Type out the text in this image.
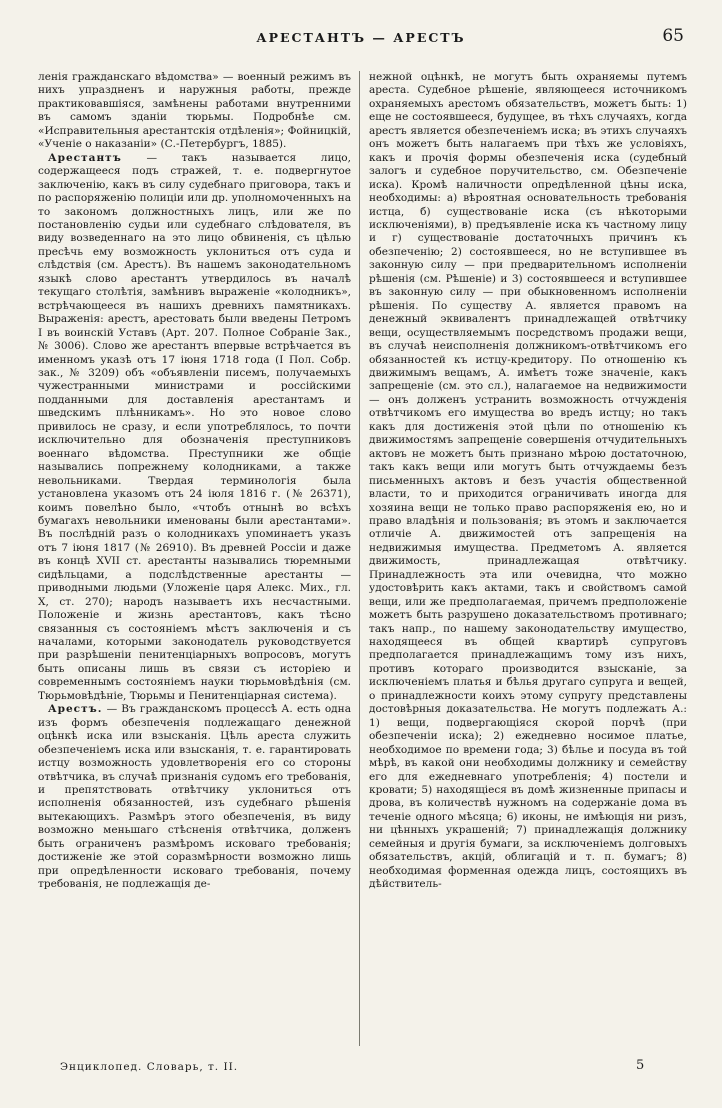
АРЕСТАНТЪ — АРЕСТЪ	65

ленія гражданскаго вѣдомства» — военный режимъ въ нихъ упраздненъ и наружныя работы, прежде практиковавшіяся, замѣнены работами внутренними въ самомъ зданіи тюрьмы. Подробнѣе см. «Исправительныя арестантскія отдѣленія»; Фойницкій, «Ученіе о наказаніи» (С.-Петербургъ, 1885).

Арестантъ — такъ называется лицо, содержащееся подъ стражей, т. е. подвергнутое заключенію, какъ въ силу судебнаго приговора, такъ и по распоряженію полиціи или др. уполномоченныхъ на то закономъ должностныхъ лицъ, или же по постановленію судьи или судебнаго слѣдователя, въ виду возведеннаго на это лицо обвиненія, съ цѣлью пресѣчь ему возможность уклониться отъ суда и слѣдствія (см. Арестъ). Въ нашемъ законодательномъ языкѣ слово арестантъ утвердилось въ началѣ текущаго столѣтія, замѣнивъ выраженіе «колодникъ», встрѣчающееся въ нашихъ древнихъ памятникахъ. Выраженія: арестъ, арестовать были введены Петромъ I въ воинскій Уставъ (Арт. 207. Полное Собраніе Зак., № 3006). Слово же арестантъ впервые встрѣчается въ именномъ указѣ отъ 17 іюня 1718 года (I Пол. Собр. зак., № 3209) объ «объявленіи писемъ, получаемыхъ чужестранными министрами и россійскими подданными для доставленія арестантамъ и шведскимъ плѣнникамъ». Но это новое слово привилось не сразу, и если употреблялось, то почти исключительно для обозначенія преступниковъ военнаго вѣдомства. Преступники же общіе назывались попрежнему колодниками, а также невольниками. Твердая терминологія была установлена указомъ отъ 24 іюля 1816 г. (№ 26371), коимъ повелѣно было, «чтобъ отнынѣ во всѣхъ бумагахъ невольники именованы были арестантами». Въ послѣдній разъ о колодникахъ упоминаетъ указъ отъ 7 іюня 1817 (№ 26910). Въ древней Россіи и даже въ концѣ XVII ст. арестанты назывались тюремными сидѣльцами, а подслѣдственные арестанты — приводными людьми (Уложеніе царя Алекс. Мих., гл. X, ст. 270); народъ называетъ ихъ несчастными. Положеніе и жизнь арестантовъ, какъ тѣсно связанныя съ состояніемъ мѣстъ заключенія и съ началами, которыми законодатель руководствуется при разрѣшеніи пенитенціарныхъ вопросовъ, могутъ быть описаны лишь въ связи съ исторіею и современнымъ состояніемъ науки тюрьмовѣдѣнія (см. Тюрьмовѣдѣніе, Тюрьмы и Пенитенціарная система).

Арестъ. — Въ гражданскомъ процессѣ А. есть одна изъ формъ обезпеченія подлежащаго денежной оцѣнкѣ иска или взысканія. Цѣль ареста служить обезпеченіемъ иска или взысканія, т. е. гарантировать истцу возможность удовлетворенія его со стороны отвѣтчика, въ случаѣ признанія судомъ его требованія, и препятствовать отвѣтчику уклониться отъ исполненія обязанностей, изъ судебнаго рѣшенія вытекающихъ. Размѣръ этого обезпеченія, въ виду возможно меньшаго стѣсненія отвѣтчика, долженъ быть ограниченъ размѣромъ исковаго требованія; достиженіе же этой соразмѣрности возможно лишь при опредѣленности исковаго требованія, почему требованія, не подлежащія де-

нежной оцѣнкѣ, не могутъ быть охраняемы путемъ ареста. Судебное рѣшеніе, являющееся источникомъ охраняемыхъ арестомъ обязательствъ, можетъ быть: 1) еще не состоявшееся, будущее, въ тѣхъ случаяхъ, когда арестъ является обезпеченіемъ иска; въ этихъ случаяхъ онъ можетъ быть налагаемъ при тѣхъ же условіяхъ, какъ и прочія формы обезпеченія иска (судебный залогъ и судебное поручительство, см. Обезпеченіе иска). Кромѣ наличности опредѣленной цѣны иска, необходимы: а) вѣроятная основательность требованія истца, б) существованіе иска (съ нѣкоторыми исключеніями), в) предъявленіе иска къ частному лицу и г) существованіе достаточныхъ причинъ къ обезпеченію; 2) состоявшееся, но не вступившее въ законную силу — при предварительномъ исполненіи рѣшенія (см. Рѣшеніе) и 3) состоявшееся и вступившее въ законную силу — при обыкновенномъ исполненіи рѣшенія. По существу А. является правомъ на денежный эквивалентъ принадлежащей отвѣтчику вещи, осуществляемымъ посредствомъ продажи вещи, въ случаѣ неисполненія должникомъ-отвѣтчикомъ его обязанностей къ истцу-кредитору. По отношенію къ движимымъ вещамъ, А. имѣетъ тоже значеніе, какъ запрещеніе (см. это сл.), налагаемое на недвижимости — онъ долженъ устранить возможность отчужденія отвѣтчикомъ его имущества во вредъ истцу; но такъ какъ для достиженія этой цѣли по отношенію къ движимостямъ запрещеніе совершенія отчудительныхъ актовъ не можетъ быть признано мѣрою достаточною, такъ какъ вещи или могутъ быть отчуждаемы безъ письменныхъ актовъ и безъ участія общественной власти, то и приходится ограничивать иногда для хозяина вещи не только право распоряженія ею, но и право владѣнія и пользованія; въ этомъ и заключается отличіе А. движимостей отъ запрещенія на недвижимыя имущества. Предметомъ А. является движимость, принадлежащая отвѣтчику. Принадлежность эта или очевидна, что можно удостовѣрить какъ актами, такъ и свойствомъ самой вещи, или же предполагаемая, причемъ предположеніе можетъ быть разрушено доказательствомъ противнаго; такъ напр., по нашему законодательству имущество, находящееся въ общей квартирѣ супруговъ предполагается принадлежащимъ тому изъ нихъ, противъ котораго производится взысканіе, за исключеніемъ платья и бѣлья другаго супруга и вещей, о принадлежности коихъ этому супругу представлены достовѣрныя доказательства. Не могутъ подлежать А.: 1) вещи, подвергающіяся скорой порчѣ (при обезпеченіи иска); 2) ежедневно носимое платье, необходимое по времени года; 3) бѣлье и посуда въ той мѣрѣ, въ какой они необходимы должнику и семейству его для ежедневнаго употребленія; 4) постели и кровати; 5) находящіеся въ домѣ жизненные припасы и дрова, въ количествѣ нужномъ на содержаніе дома въ теченіе одного мѣсяца; 6) иконы, не имѣющія ни ризъ, ни цѣнныхъ украшеній; 7) принадлежащія должнику семейныя и другія бумаги, за исключеніемъ долговыхъ обязательствъ, акцій, облигацій и т. п. бумагъ; 8) необходимая форменная одежда лицъ, состоящихъ въ дѣйствитель-

Энциклопед. Словарь, т. II.	5
